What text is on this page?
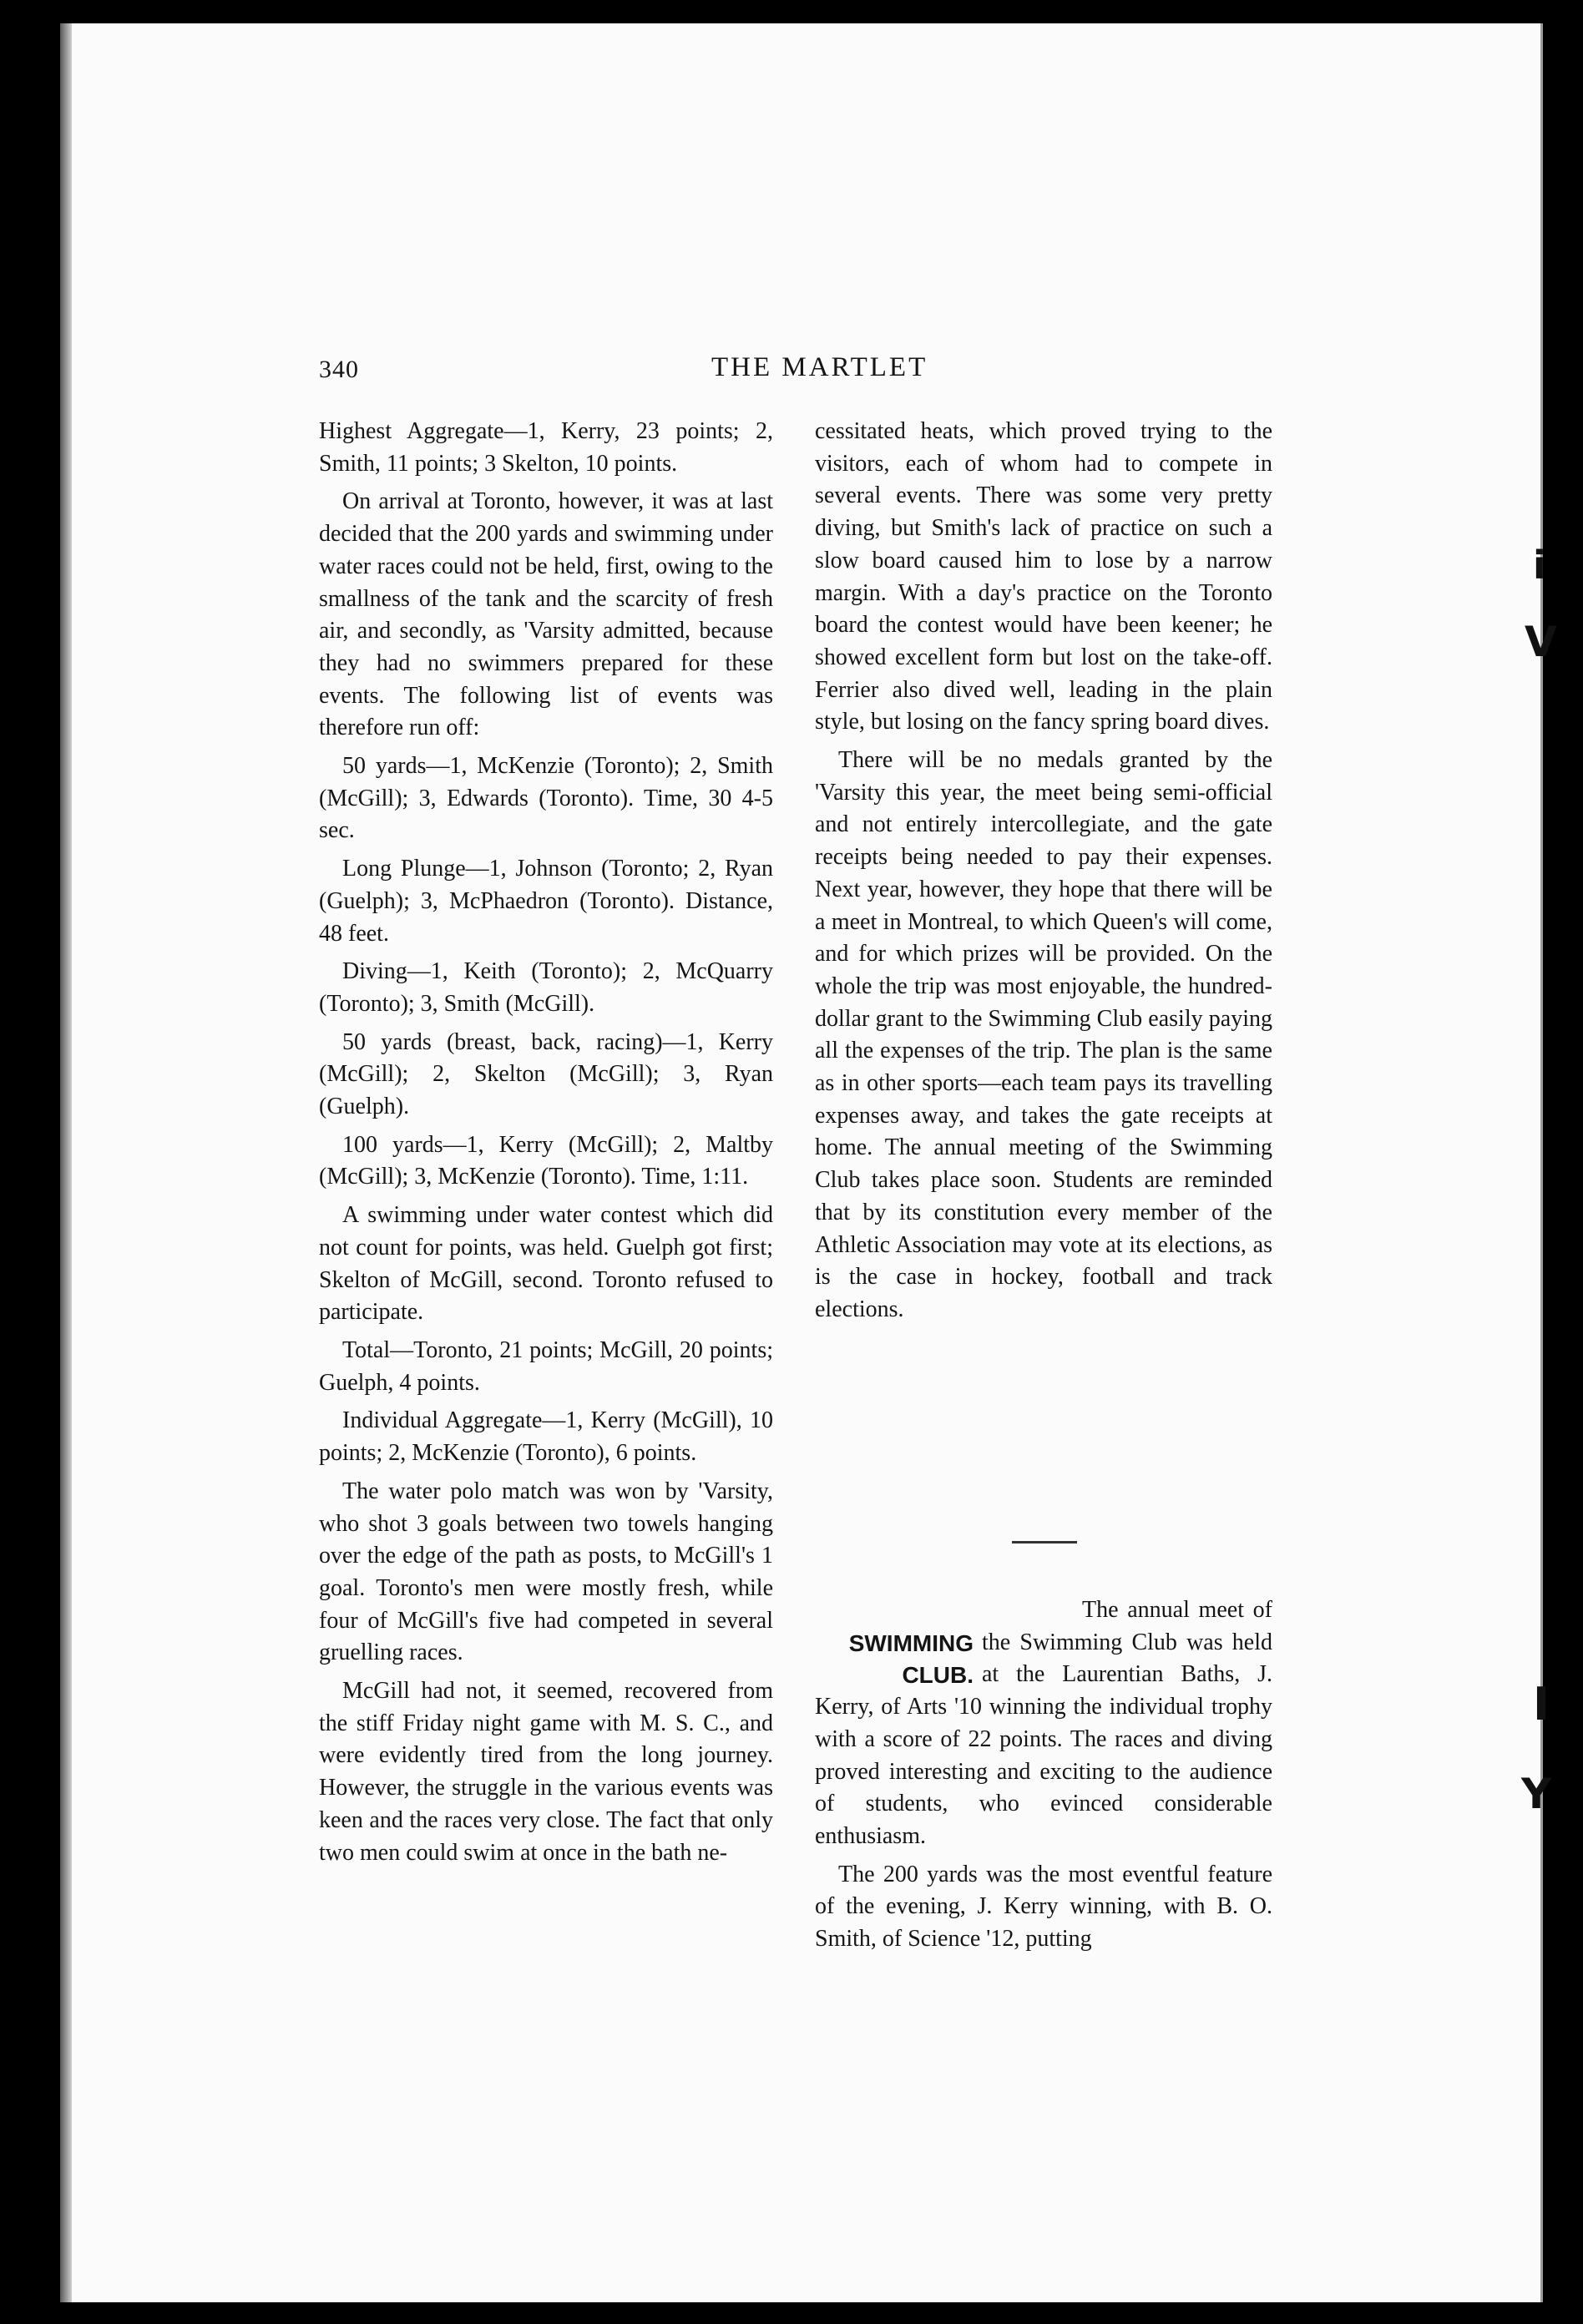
340	THE MARTLET

Highest Aggregate—1, Kerry, 23 points; 2, Smith, 11 points; 3 Skelton, 10 points.

On arrival at Toronto, however, it was at last decided that the 200 yards and swimming under water races could not be held, first, owing to the smallness of the tank and the scarcity of fresh air, and secondly, as 'Varsity admitted, because they had no swimmers prepared for these events. The following list of events was therefore run off:

50 yards—1, McKenzie (Toronto); 2, Smith (McGill); 3, Edwards (Toronto). Time, 30 4-5 sec.

Long Plunge—1, Johnson (Toronto; 2, Ryan (Guelph); 3, McPhaedron (Toronto). Distance, 48 feet.

Diving—1, Keith (Toronto); 2, McQuarry (Toronto); 3, Smith (McGill).

50 yards (breast, back, racing)—1, Kerry (McGill); 2, Skelton (McGill); 3, Ryan (Guelph).

100 yards—1, Kerry (McGill); 2, Maltby (McGill); 3, McKenzie (Toronto). Time, 1:11.

A swimming under water contest which did not count for points, was held. Guelph got first; Skelton of McGill, second. Toronto refused to participate.

Total—Toronto, 21 points; McGill, 20 points; Guelph, 4 points.

Individual Aggregate—1, Kerry (McGill), 10 points; 2, McKenzie (Toronto), 6 points.

The water polo match was won by 'Varsity, who shot 3 goals between two towels hanging over the edge of the path as posts, to McGill's 1 goal. Toronto's men were mostly fresh, while four of McGill's five had competed in several gruelling races.

McGill had not, it seemed, recovered from the stiff Friday night game with M. S. C., and were evidently tired from the long journey. However, the struggle in the various events was keen and the races very close. The fact that only two men could swim at once in the bath ne-

cessitated heats, which proved trying to the visitors, each of whom had to compete in several events. There was some very pretty diving, but Smith's lack of practice on such a slow board caused him to lose by a narrow margin. With a day's practice on the Toronto board the contest would have been keener; he showed excellent form but lost on the take-off. Ferrier also dived well, leading in the plain style, but losing on the fancy spring board dives.

There will be no medals granted by the 'Varsity this year, the meet being semi-official and not entirely intercollegiate, and the gate receipts being needed to pay their expenses. Next year, however, they hope that there will be a meet in Montreal, to which Queen's will come, and for which prizes will be provided. On the whole the trip was most enjoyable, the hundred-dollar grant to the Swimming Club easily paying all the expenses of the trip. The plan is the same as in other sports—each team pays its travelling expenses away, and takes the gate receipts at home. The annual meeting of the Swimming Club takes place soon. Students are reminded that by its constitution every member of the Athletic Association may vote at its elections, as is the case in hockey, football and track elections.

SWIMMING
CLUB.

The annual meet of the Swimming Club was held at the Laurentian Baths, J. Kerry, of Arts '10 winning the individual trophy with a score of 22 points. The races and diving proved interesting and exciting to the audience of students, who evinced considerable enthusiasm.

The 200 yards was the most eventful feature of the evening, J. Kerry winning, with B. O. Smith, of Science '12, putting

i
V
I
Y
